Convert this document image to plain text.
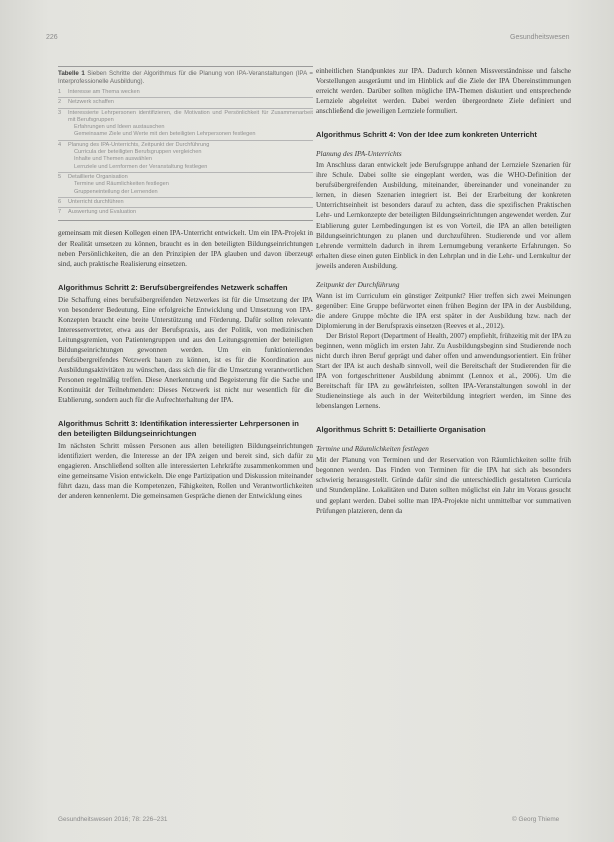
226	Gesundheitswesen
Tabelle 1 Sieben Schritte der Algorithmus für die Planung von IPA-Veranstaltungen (IPA = Interprofessionelle Ausbildung).
1	Interesse am Thema wecken
2	Netzwerk schaffen
3	Interessierte Lehrpersonen identifizieren, die Motivation und Persönlichkeit für Zusammenarbeit mit Berufsgruppen
Erfahrungen und Ideen austauschen
Gemeinsame Ziele und Werte mit den beteiligten Lehrpersonen festlegen
4	Planung des IPA-Unterrichts, Zeitpunkt der Durchführung
Curricula der beteiligten Berufsgruppen vergleichen
Inhalte und Themen auswählen
Lernziele und Lernformen der Veranstaltung festlegen
5	Detaillierte Organisation
Termine und Räumlichkeiten festlegen
Gruppeneinteilung der Lernenden
6	Unterricht durchführen
7	Auswertung und Evaluation

gemeinsam mit diesen Kollegen einen IPA-Unterricht entwickelt. Um ein IPA-Projekt in der Realität umsetzen zu können, braucht es in den beteiligten Bildungseinrichtungen neben Persönlichkeiten, die an den Prinzipien der IPA glauben und davon überzeugt sind, auch praktische Realisierung einsetzen.

Algorithmus Schritt 2: Berufsübergreifendes Netzwerk schaffen

Die Schaffung eines berufsübergreifenden Netzwerkes ist für die Umsetzung der IPA von besonderer Bedeutung. Eine erfolgreiche Entwicklung und Umsetzung von IPA-Konzepten braucht eine breite Unterstützung und Förderung. Dafür sollten relevante Interessenvertreter, etwa aus der Berufspraxis, aus der Politik, von medizinischen Leitungsgremien, von Patientengruppen und aus den Leitungsgremien der beteiligten Bildungseinrichtungen gewonnen werden. Um ein funktionierendes berufsübergreifendes Netzwerk bauen zu können, ist es für die Koordination aus Ausbildungsaktivitäten zu wünschen, dass sich die für die Umsetzung verantwortlichen Personen regelmäßig treffen. Diese Anerkennung und Begeisterung für die Sache und Kontinuität der Teilnehmenden: Dieses Netzwerk ist nicht nur wesentlich für die Etablierung, sondern auch für die Aufrechterhaltung der IPA.

Algorithmus Schritt 3: Identifikation interessierter Lehrpersonen in den beteiligten Bildungseinrichtungen

Im nächsten Schritt müssen Personen aus allen beteiligten Bildungseinrichtungen identifiziert werden, die Interesse an der IPA zeigen und bereit sind, sich dafür zu engagieren. Anschließend sollten alle interessierten Lehrkräfte zusammenkommen und eine gemeinsame Vision entwickeln. Die enge Partizipation und Diskussion miteinander führt dazu, dass man die Kompetenzen, Fähigkeiten, Rollen und Verantwortlichkeiten der anderen kennenlernt. Die gemeinsamen Gespräche dienen der Entwicklung eines

einheitlichen Standpunktes zur IPA. Dadurch können Missverständnisse und falsche Vorstellungen ausgeräumt und im Hinblick auf die Ziele der IPA Übereinstimmungen erreicht werden. Darüber sollten mögliche IPA-Themen diskutiert und entsprechende Lernziele abgeleitet werden. Dabei werden übergeordnete Ziele definiert und anschließend die jeweiligen Lernziele formuliert.

Algorithmus Schritt 4: Von der Idee zum konkreten Unterricht
Planung des IPA-Unterrichts

Im Anschluss daran entwickelt jede Berufsgruppe anhand der Lernziele Szenarien für ihre Schule. Dabei sollte sie eingeplant werden, was die WHO-Definition der berufsübergreifenden Ausbildung, miteinander, übereinander und voneinander zu lernen, in diesen Szenarien integriert ist. Bei der Erarbeitung der konkreten Unterrichtseinheit ist besonders darauf zu achten, dass die spezifischen Praktischen Lehr- und Lernkonzepte der beteiligten Bildungseinrichtungen angewendet werden. Zur Etablierung guter Lernbedingungen ist es von Vorteil, die IPA an allen beteiligten Bildungseinrichtungen zu planen und durchzuführen. Studierende und vor allem Lehrende vermitteln dadurch in ihrem Lernumgebung verankerte Erfahrungen. So erhalten diese einen guten Einblick in den Lehrplan und in die Lehr- und Lernkultur der jeweils anderen Ausbildung.

Zeitpunkt der Durchführung

Wann ist im Curriculum ein günstiger Zeitpunkt? Hier treffen sich zwei Meinungen gegenüber: Eine Gruppe befürwortet einen frühen Beginn der IPA in der Ausbildung, die andere Gruppe möchte die IPA erst später in der Ausbildung bzw. nach der Diplomierung in der Berufspraxis einsetzen (Reeves et al., 2012).

Der Bristol Report (Department of Health, 2007) empfiehlt, frühzeitig mit der IPA zu beginnen, wenn möglich im ersten Jahr. Zu Ausbildungsbeginn sind Studierende noch nicht durch ihren Beruf geprägt und daher offen und anwendungsorientiert. Ein früher Start der IPA ist auch deshalb sinnvoll, weil die Bereitschaft der Studierenden für die IPA von fortgeschrittener Ausbildung abnimmt (Lennox et al., 2006). Um die Bereitschaft für IPA zu gewährleisten, sollten IPA-Veranstaltungen sowohl in der Studieneinstiege als auch in der Weiterbildung integriert werden, im Sinne des lebenslangen Lernens.

Algorithmus Schritt 5: Detaillierte Organisation
Termine und Räumlichkeiten festlegen

Mit der Planung von Terminen und der Reservation von Räumlichkeiten sollte früh begonnen werden. Das Finden von Terminen für die IPA hat sich als besonders schwierig herausgestellt. Gründe dafür sind die unterschiedlich gestalteten Curricula und Stundenpläne. Lokalitäten und Daten sollten möglichst ein Jahr im Voraus gesucht und geplant werden. Dabei sollte man IPA-Projekte nicht unmittelbar vor summativen Prüfungen platzieren, denn da

Gesundheitswesen 2016; 78: 226–231	© Georg Thieme
